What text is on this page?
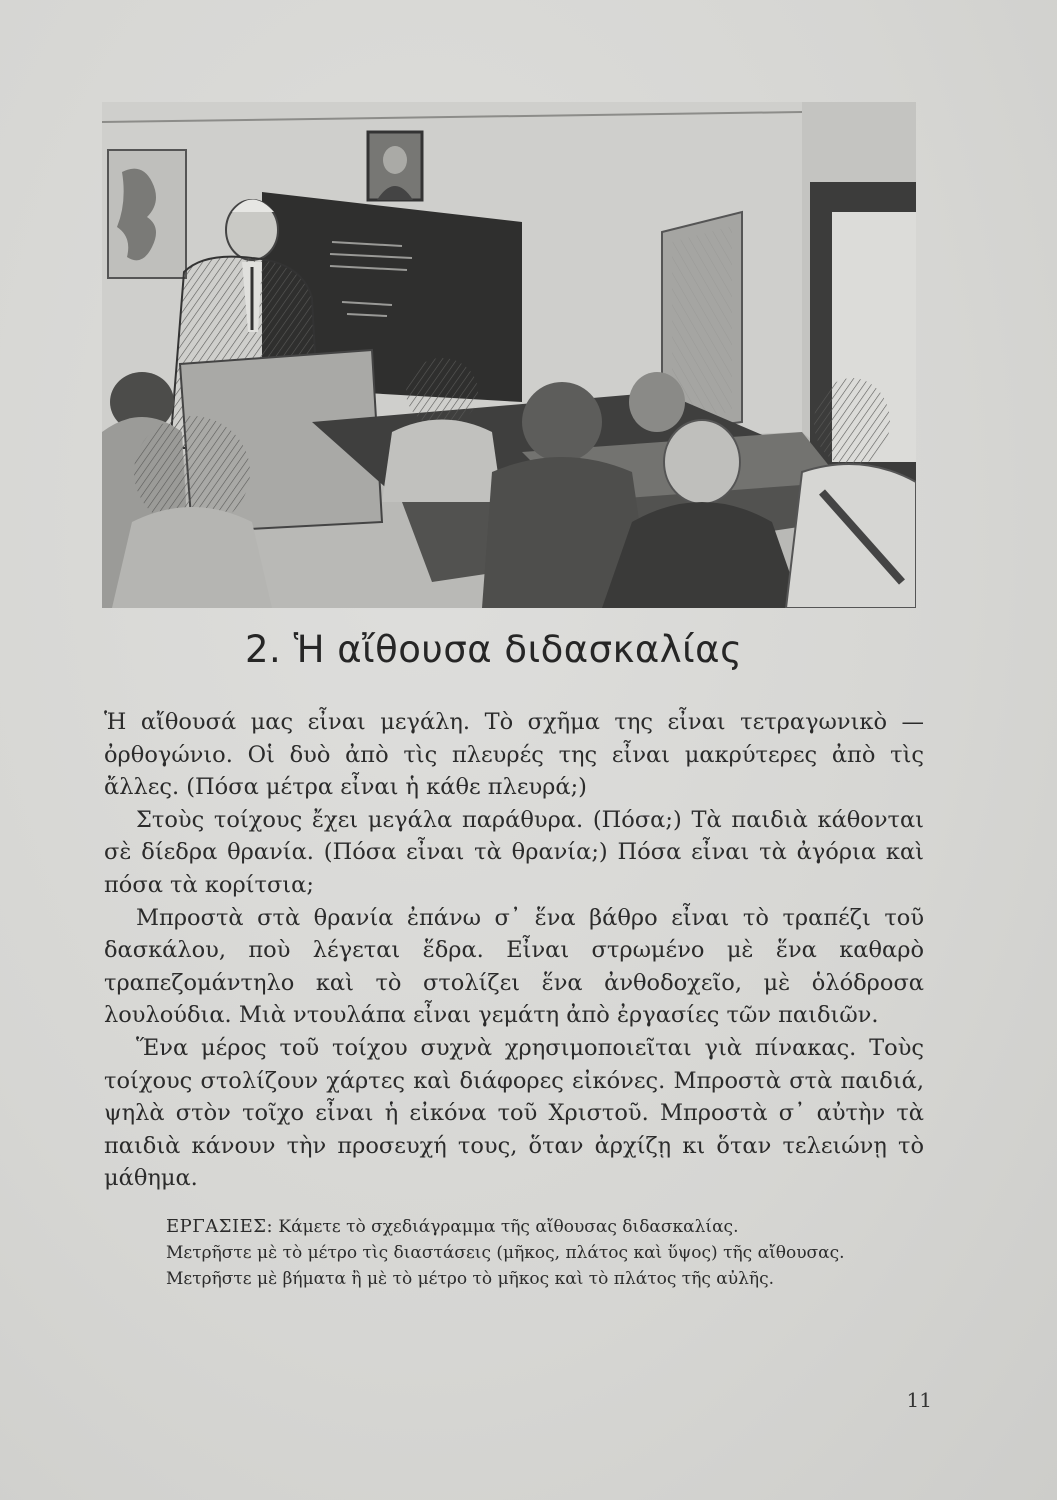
2. Ἡ αἴθουσα διδασκαλίας

Ἡ αἴθουσά μας εἶναι μεγάλη. Τὸ σχῆμα της εἶναι τετραγωνικὸ — ὀρθογώνιο. Οἱ δυὸ ἀπὸ τὶς πλευρές της εἶναι μακρύτερες ἀπὸ τὶς ἄλλες. (Πόσα μέτρα εἶναι ἡ κάθε πλευρά;)

Στοὺς τοίχους ἔχει μεγάλα παράθυρα. (Πόσα;) Τὰ παιδιὰ κάθονται σὲ δίεδρα θρανία. (Πόσα εἶναι τὰ θρανία;) Πόσα εἶναι τὰ ἀγόρια καὶ πόσα τὰ κορίτσια;

Μπροστὰ στὰ θρανία ἐπάνω σ᾽ ἕνα βάθρο εἶναι τὸ τραπέζι τοῦ δασκάλου, ποὺ λέγεται ἕδρα. Εἶναι στρωμένο μὲ ἕνα καθαρὸ τραπεζομάντηλο καὶ τὸ στολίζει ἕνα ἀνθοδοχεῖο, μὲ ὁλόδροσα λουλούδια. Μιὰ ντουλάπα εἶναι γεμάτη ἀπὸ ἐργασίες τῶν παιδιῶν.

Ἕνα μέρος τοῦ τοίχου συχνὰ χρησιμοποιεῖται γιὰ πίνακας. Τοὺς τοίχους στολίζουν χάρτες καὶ διάφορες εἰκόνες. Μπροστὰ στὰ παιδιά, ψηλὰ στὸν τοῖχο εἶναι ἡ εἰκόνα τοῦ Χριστοῦ. Μπροστὰ σ᾽ αὐτὴν τὰ παιδιὰ κάνουν τὴν προσευχή τους, ὅταν ἀρχίζῃ κι ὅταν τελειώνῃ τὸ μάθημα.

ΕΡΓΑΣΙΕΣ: Κάμετε τὸ σχεδιάγραμμα τῆς αἴθουσας διδασκαλίας.

Μετρῆστε μὲ τὸ μέτρο τὶς διαστάσεις (μῆκος, πλάτος καὶ ὕψος) τῆς αἴθουσας.

Μετρῆστε μὲ βήματα ἢ μὲ τὸ μέτρο τὸ μῆκος καὶ τὸ πλάτος τῆς αὐλῆς.

11
